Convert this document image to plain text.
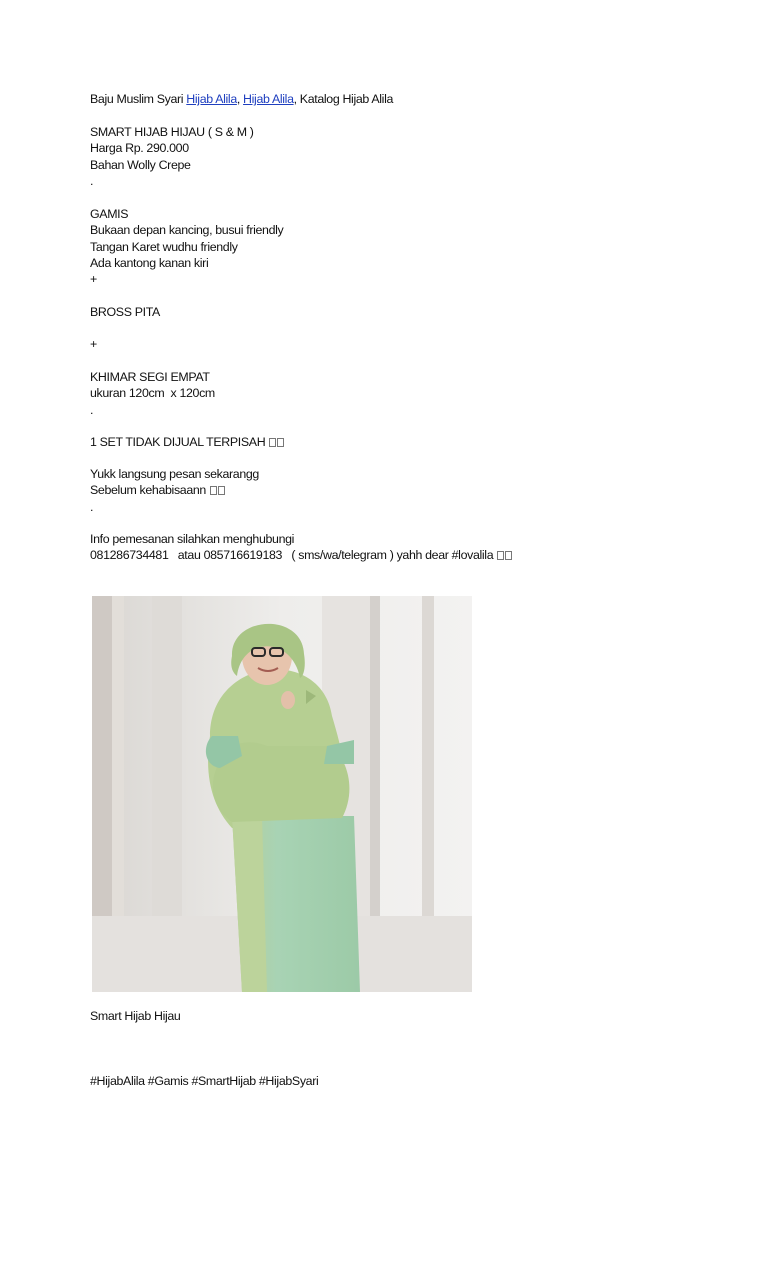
Baju Muslim Syari Hijab Alila, Hijab Alila, Katalog Hijab Alila
SMART HIJAB HIJAU ( S & M )
Harga Rp. 290.000
Bahan Wolly Crepe
.
GAMIS
Bukaan depan kancing, busui friendly
Tangan Karet wudhu friendly
Ada kantong kanan kiri
+
BROSS PITA
+
KHIMAR SEGI EMPAT
ukuran 120cm  x 120cm
.
1 SET TIDAK DIJUAL TERPISAH
Yukk langsung pesan sekarangg
Sebelum kehabisaann
.
Info pemesanan silahkan menghubungi
081286734481   atau 085716619183   ( sms/wa/telegram ) yahh dear #lovalila
Smart Hijab Hijau
#HijabAlila #Gamis #SmartHijab #HijabSyari
